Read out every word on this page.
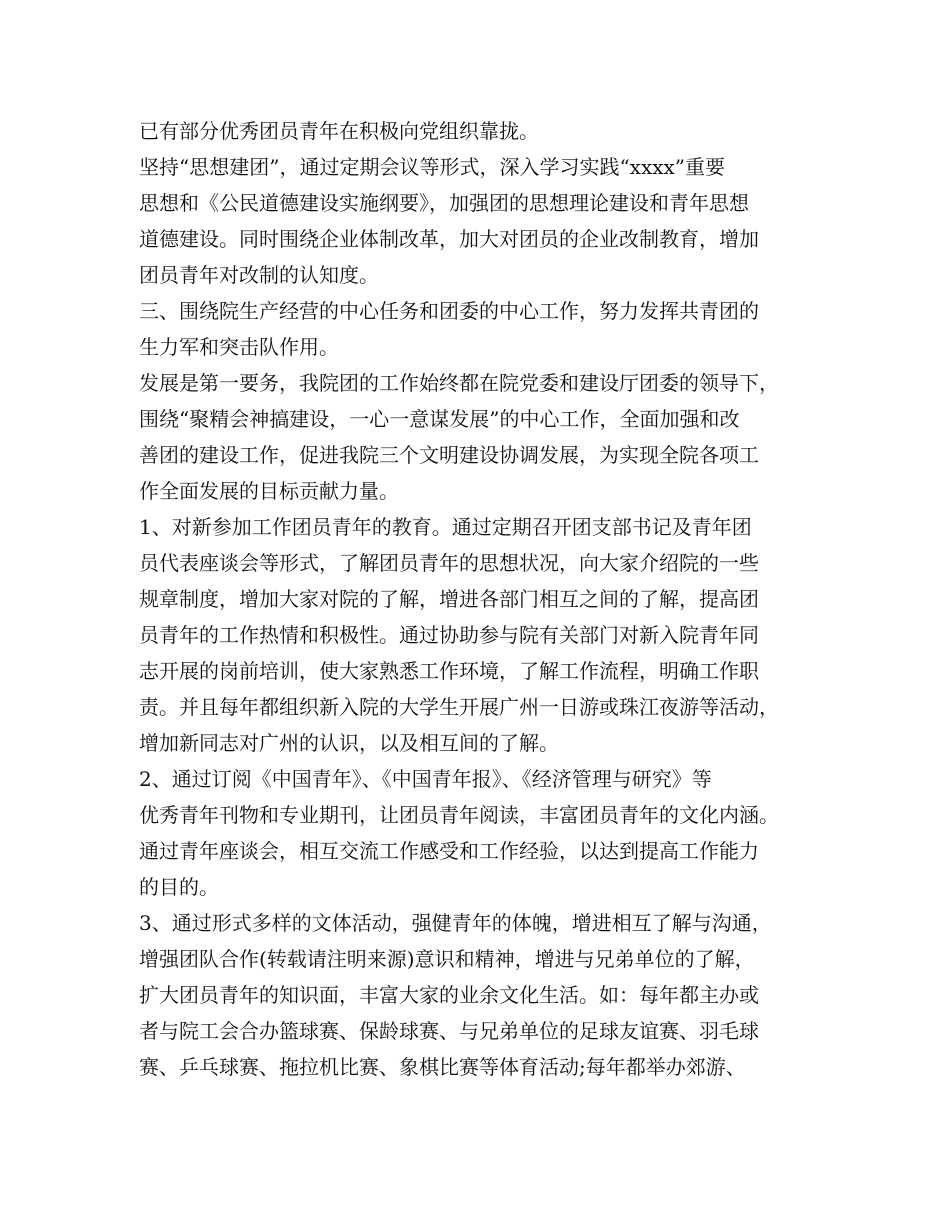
已有部分优秀团员青年在积极向党组织靠拢。
坚持“思想建团”，通过定期会议等形式，深入学习实践“xxxx”重要
思想和《公民道德建设实施纲要》，加强团的思想理论建设和青年思想
道德建设。同时围绕企业体制改革，加大对团员的企业改制教育，增加
团员青年对改制的认知度。
三、围绕院生产经营的中心任务和团委的中心工作，努力发挥共青团的
生力军和突击队作用。
发展是第一要务，我院团的工作始终都在院党委和建设厅团委的领导下，
围绕“聚精会神搞建设，一心一意谋发展”的中心工作，全面加强和改
善团的建设工作，促进我院三个文明建设协调发展，为实现全院各项工
作全面发展的目标贡献力量。
1、对新参加工作团员青年的教育。通过定期召开团支部书记及青年团
员代表座谈会等形式，了解团员青年的思想状况，向大家介绍院的一些
规章制度，增加大家对院的了解，增进各部门相互之间的了解，提高团
员青年的工作热情和积极性。通过协助参与院有关部门对新入院青年同
志开展的岗前培训，使大家熟悉工作环境，了解工作流程，明确工作职
责。并且每年都组织新入院的大学生开展广州一日游或珠江夜游等活动，
增加新同志对广州的认识，以及相互间的了解。
2、通过订阅《中国青年》、《中国青年报》、《经济管理与研究》等
优秀青年刊物和专业期刊，让团员青年阅读，丰富团员青年的文化内涵。
通过青年座谈会，相互交流工作感受和工作经验，以达到提高工作能力
的目的。
3、通过形式多样的文体活动，强健青年的体魄，增进相互了解与沟通，
增强团队合作(转载请注明来源)意识和精神，增进与兄弟单位的了解，
扩大团员青年的知识面，丰富大家的业余文化生活。如：每年都主办或
者与院工会合办篮球赛、保龄球赛、与兄弟单位的足球友谊赛、羽毛球
赛、乒乓球赛、拖拉机比赛、象棋比赛等体育活动;每年都举办郊游、
